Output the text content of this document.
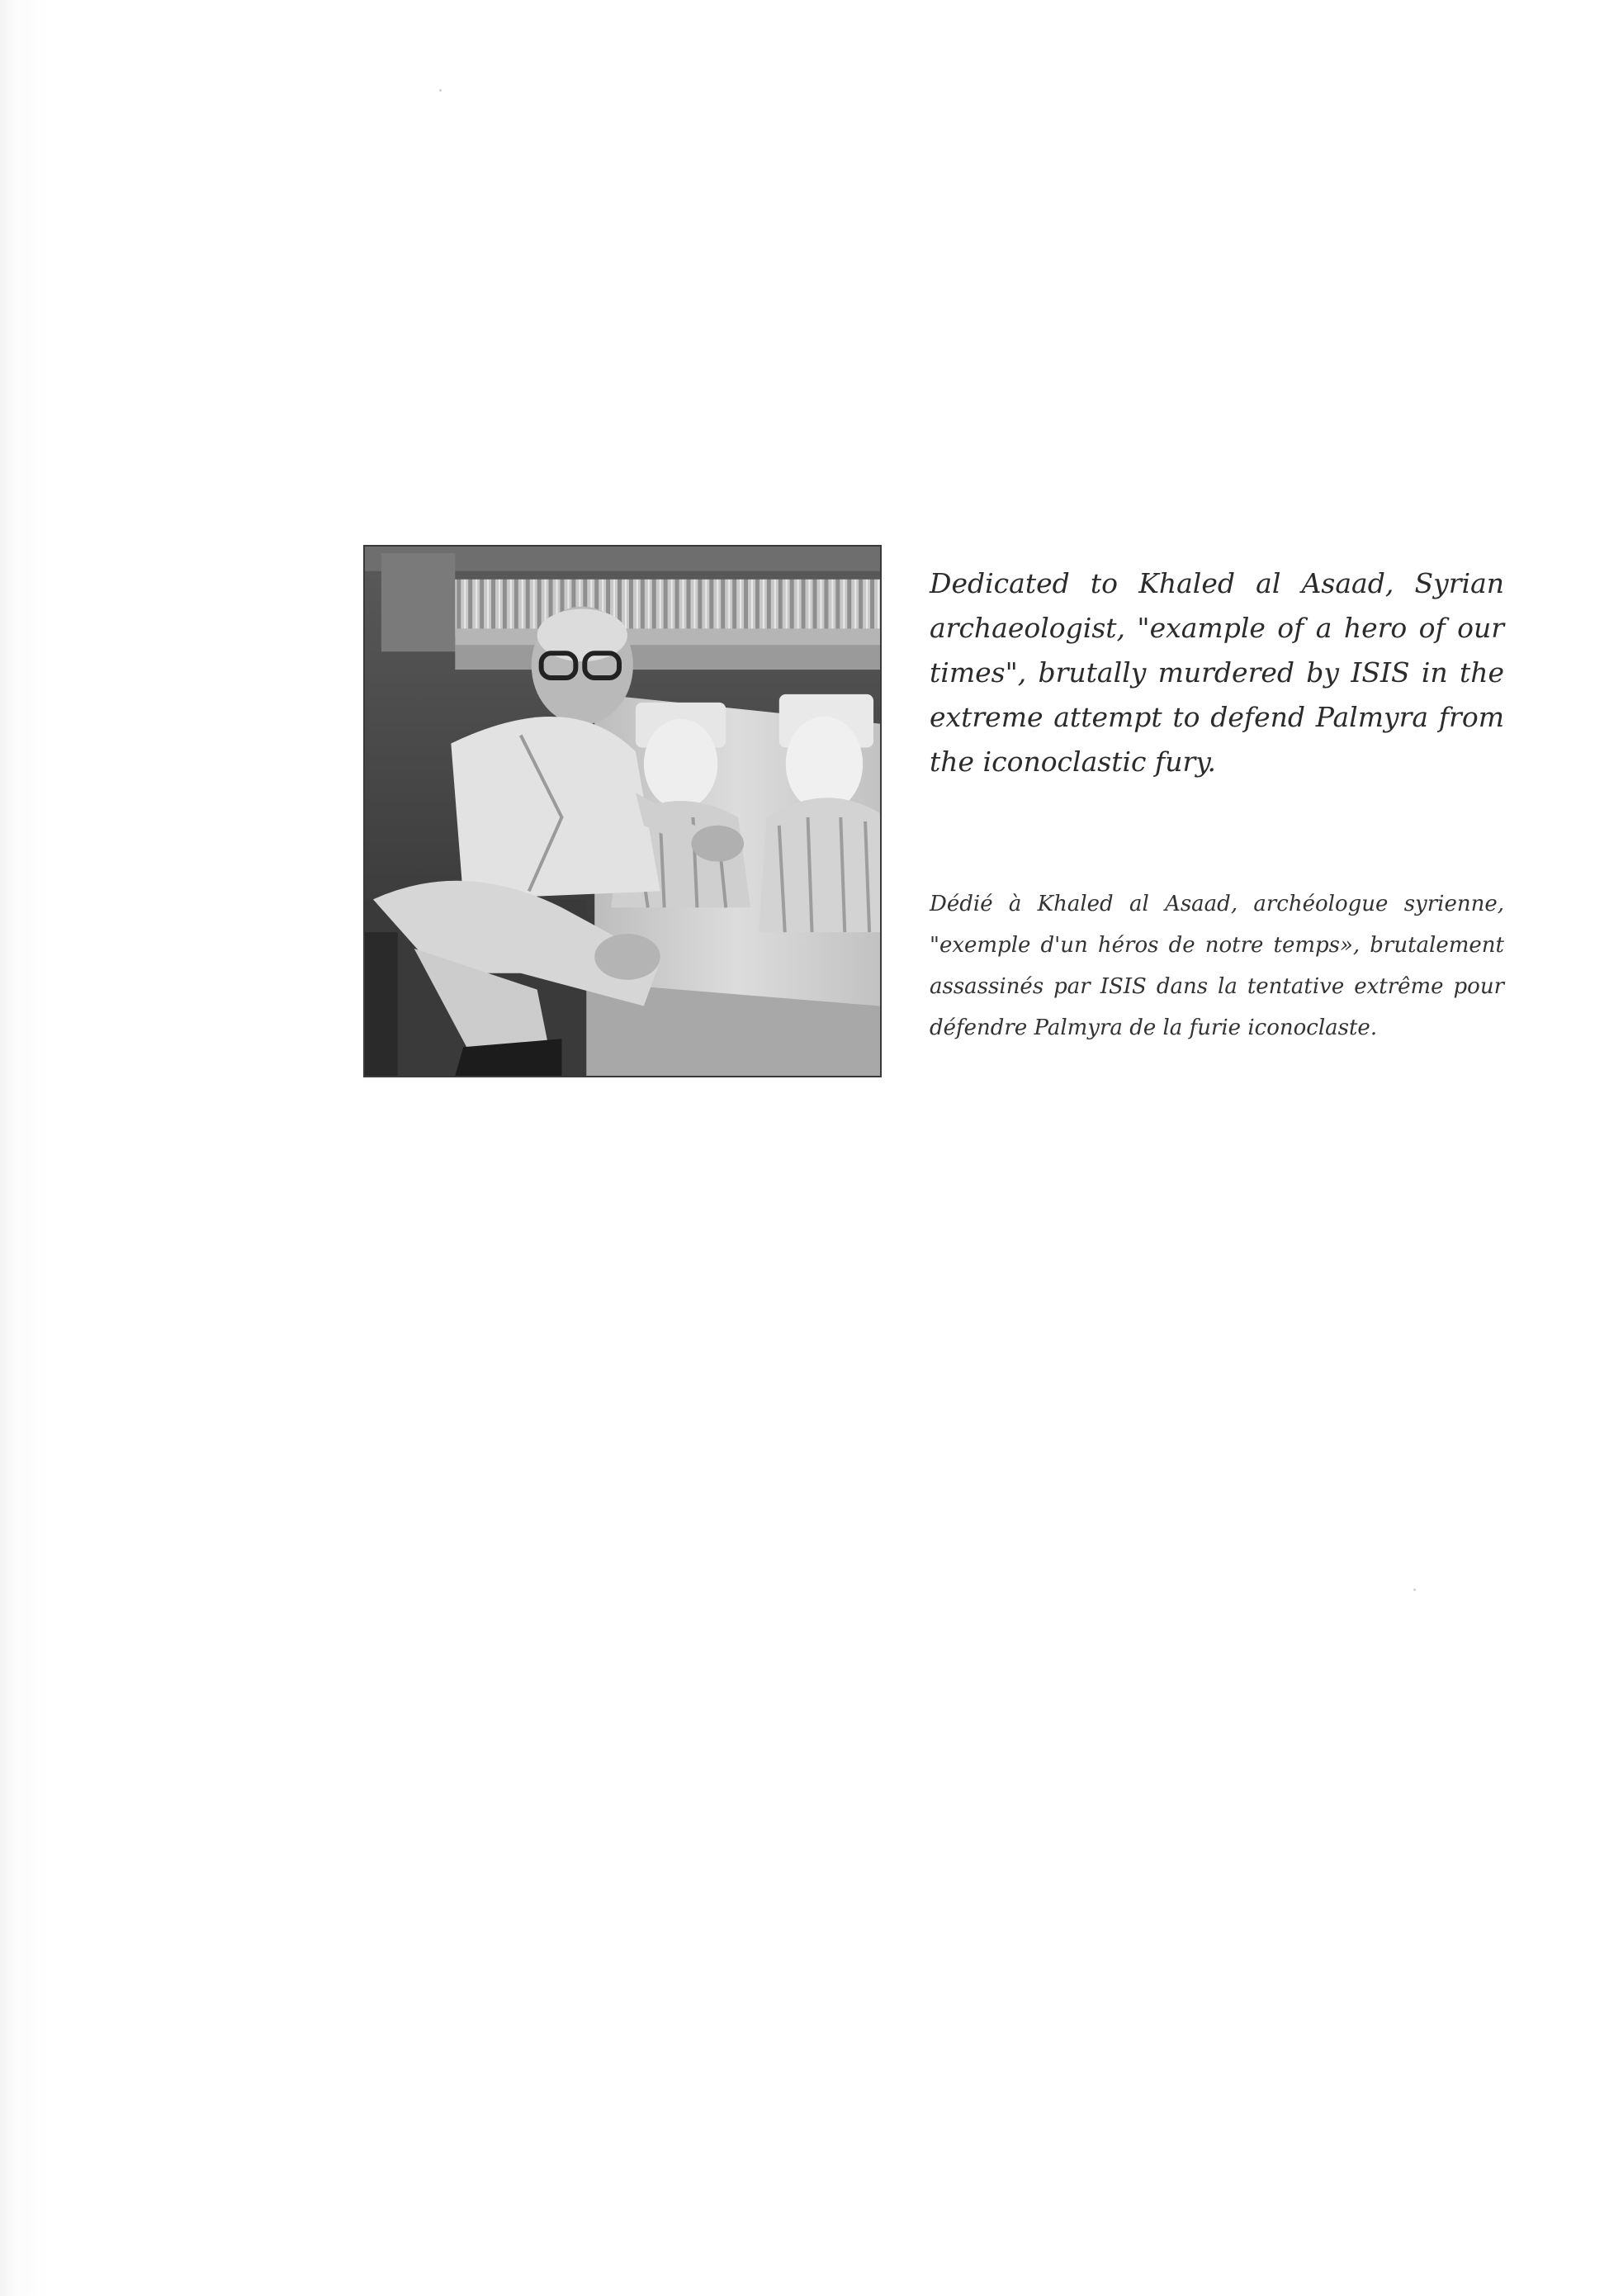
Dedicated to Khaled al Asaad, Syrian archaeologist, "example of a hero of our times", brutally murdered by ISIS in the extreme attempt to defend Palmyra from the iconoclastic fury.

Dédié à Khaled al Asaad, archéologue syrienne, "exemple d'un héros de notre temps», brutalement assassinés par ISIS dans la tentative extrême pour défendre Palmyra de la furie iconoclaste.
